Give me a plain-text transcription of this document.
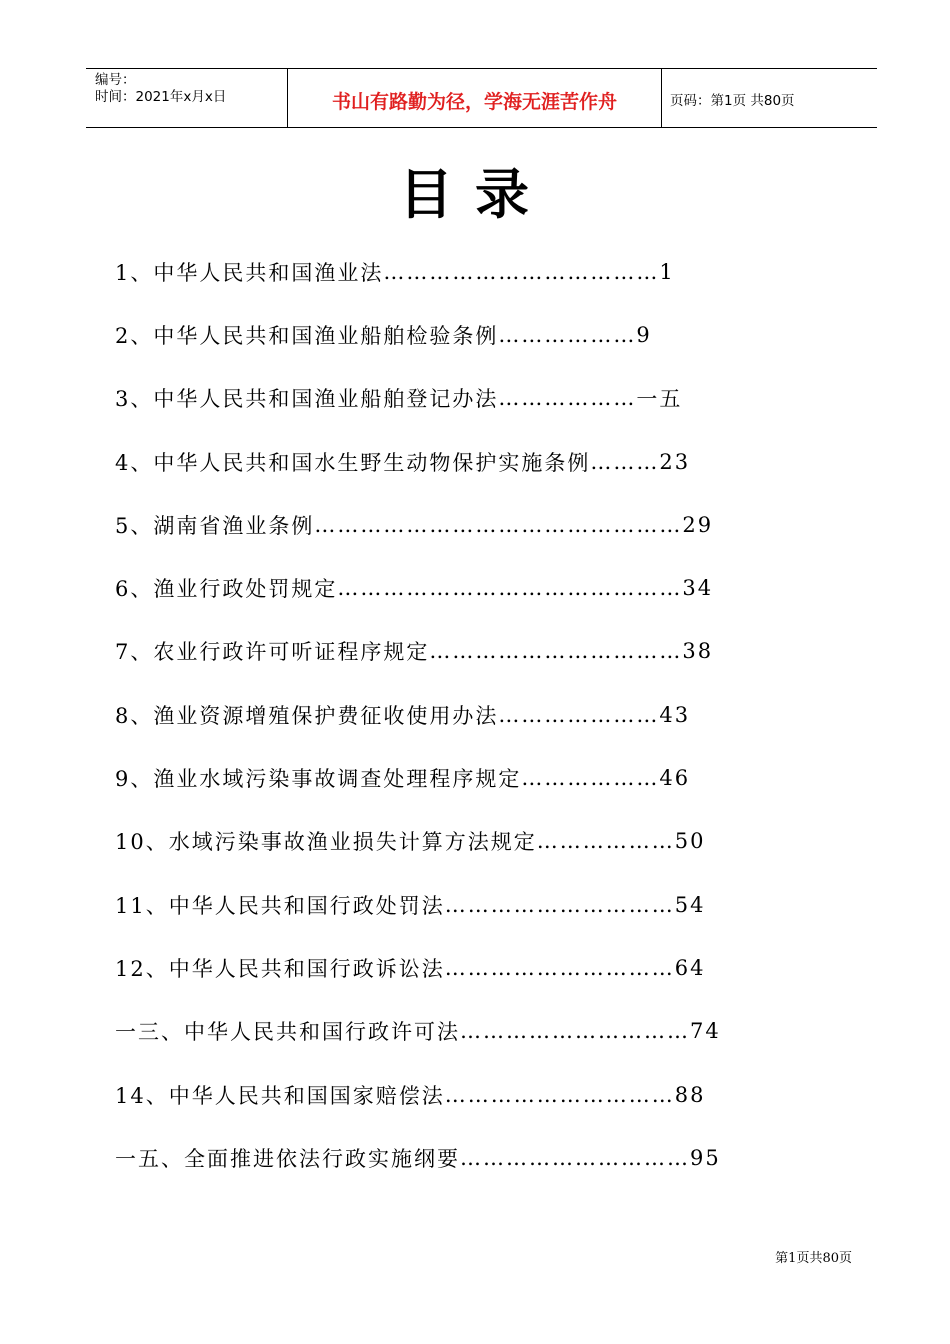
编号：
时间：2021年x月x日	书山有路勤为径，学海无涯苦作舟	页码：第1页 共80页
目录
1、中华人民共和国渔业法 ……………………………… 1
2、中华人民共和国渔业船舶检验条例 ……………… 9
3、中华人民共和国渔业船舶登记办法 ……………… 一五
4、中华人民共和国水生野生动物保护实施条例 ……… 23
5、湖南省渔业条例 ………………………………………… 29
6、渔业行政处罚规定 ……………………………………… 34
7、农业行政许可听证程序规定 …………………………… 38
8、渔业资源增殖保护费征收使用办法 ………………… 43
9、渔业水域污染事故调查处理程序规定 ……………… 46
10、水域污染事故渔业损失计算方法规定 ……………… 50
11、中华人民共和国行政处罚法 ………………………… 54
12、中华人民共和国行政诉讼法 ………………………… 64
一三、中华人民共和国行政许可法 ………………………… 74
14、中华人民共和国国家赔偿法 ………………………… 88
一五、全面推进依法行政实施纲要 ………………………… 95
第1页共80页
